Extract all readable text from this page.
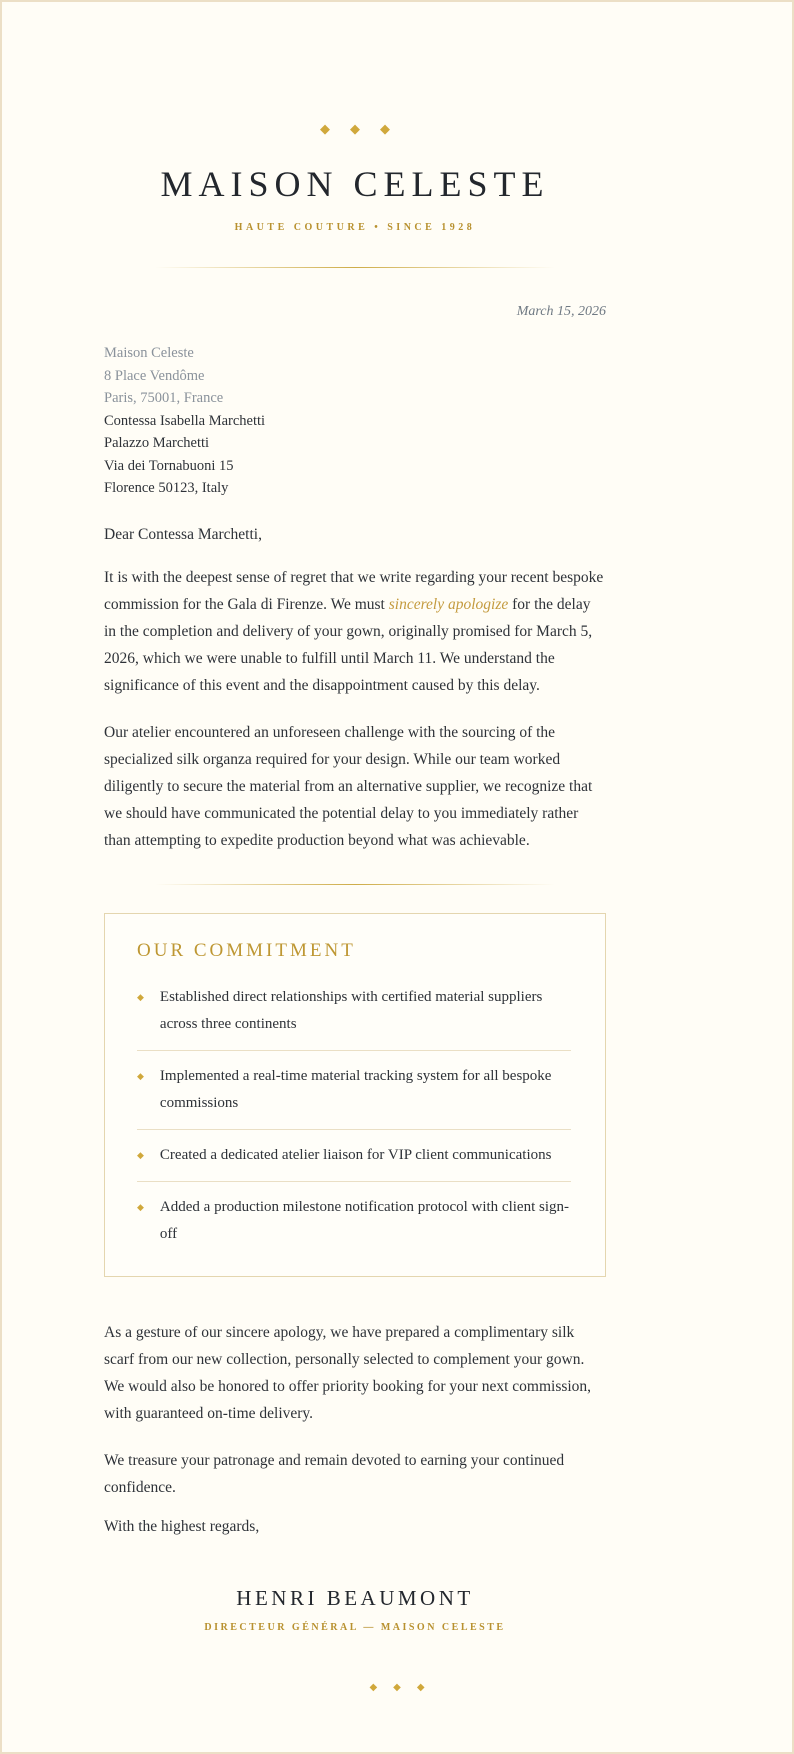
◆ ◆ ◆
MAISON CELESTE
HAUTE COUTURE • SINCE 1928
March 15, 2026
Maison Celeste
8 Place Vendôme
Paris, 75001, France
Contessa Isabella Marchetti
Palazzo Marchetti
Via dei Tornabuoni 15
Florence 50123, Italy

Dear Contessa Marchetti,

It is with the deepest sense of regret that we write regarding your recent bespoke commission for the Gala di Firenze. We must sincerely apologize for the delay in the completion and delivery of your gown, originally promised for March 5, 2026, which we were unable to fulfill until March 11. We understand the significance of this event and the disappointment caused by this delay.

Our atelier encountered an unforeseen challenge with the sourcing of the specialized silk organza required for your design. While our team worked diligently to secure the material from an alternative supplier, we recognize that we should have communicated the potential delay to you immediately rather than attempting to expedite production beyond what was achievable.

OUR COMMITMENT
◆ Established direct relationships with certified material suppliers across three continents
◆ Implemented a real-time material tracking system for all bespoke commissions
◆ Created a dedicated atelier liaison for VIP client communications
◆ Added a production milestone notification protocol with client sign-off

As a gesture of our sincere apology, we have prepared a complimentary silk scarf from our new collection, personally selected to complement your gown. We would also be honored to offer priority booking for your next commission, with guaranteed on-time delivery.

We treasure your patronage and remain devoted to earning your continued confidence.

With the highest regards,

HENRI BEAUMONT
DIRECTEUR GÉNÉRAL — MAISON CELESTE
◆ ◆ ◆
